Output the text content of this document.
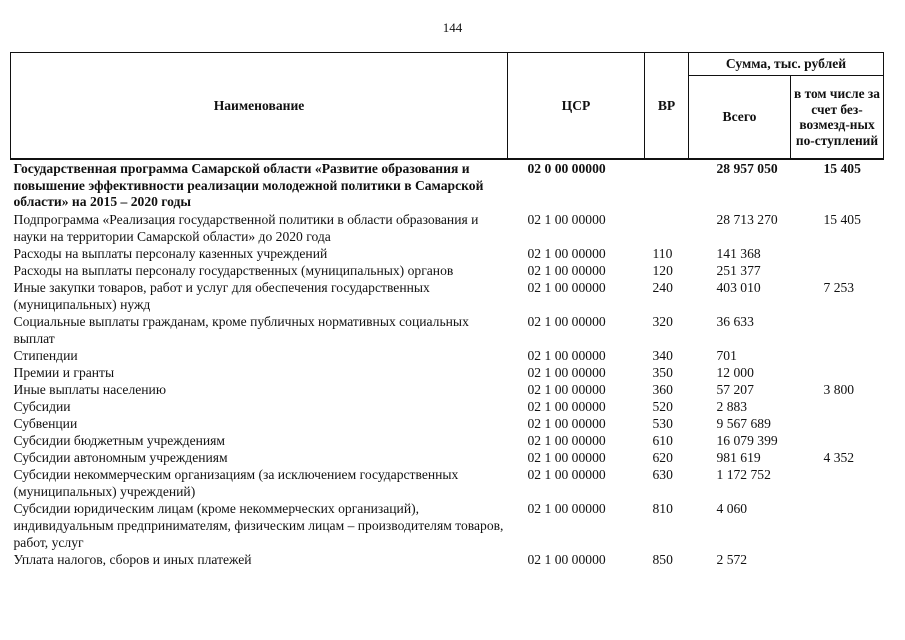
144
Наименование	ЦСР	ВР	Сумма, тыс. рублей	
			Всего	в том числе за счет без-возмезд-ных по-ступлений
Государственная программа Самарской области «Развитие образования и повышение эффективности реализации молодежной политики в Самарской области» на 2015 – 2020 годы	02 0 00 00000		28 957 050	15 405
Подпрограмма «Реализация государственной политики в области образования и науки на территории Самарской области» до 2020 года	02 1 00 00000		28 713 270	15 405
Расходы на выплаты персоналу казенных учреждений	02 1 00 00000	110	141 368	
Расходы на выплаты персоналу государственных (муниципальных) органов	02 1 00 00000	120	251 377	
Иные закупки товаров, работ и услуг для обеспечения государственных (муниципальных) нужд	02 1 00 00000	240	403 010	7 253
Социальные выплаты гражданам, кроме публичных нормативных социальных выплат	02 1 00 00000	320	36 633	
Стипендии	02 1 00 00000	340	701	
Премии и гранты	02 1 00 00000	350	12 000	
Иные выплаты населению	02 1 00 00000	360	57 207	3 800
Субсидии	02 1 00 00000	520	2 883	
Субвенции	02 1 00 00000	530	9 567 689	
Субсидии бюджетным учреждениям	02 1 00 00000	610	16 079 399	
Субсидии автономным учреждениям	02 1 00 00000	620	981 619	4 352
Субсидии некоммерческим организациям (за исключением государственных (муниципальных) учреждений)	02 1 00 00000	630	1 172 752	
Субсидии юридическим лицам (кроме некоммерческих организаций), индивидуальным предпринимателям, физическим лицам – производителям товаров, работ, услуг	02 1 00 00000	810	4 060	
Уплата налогов, сборов и иных платежей	02 1 00 00000	850	2 572	
